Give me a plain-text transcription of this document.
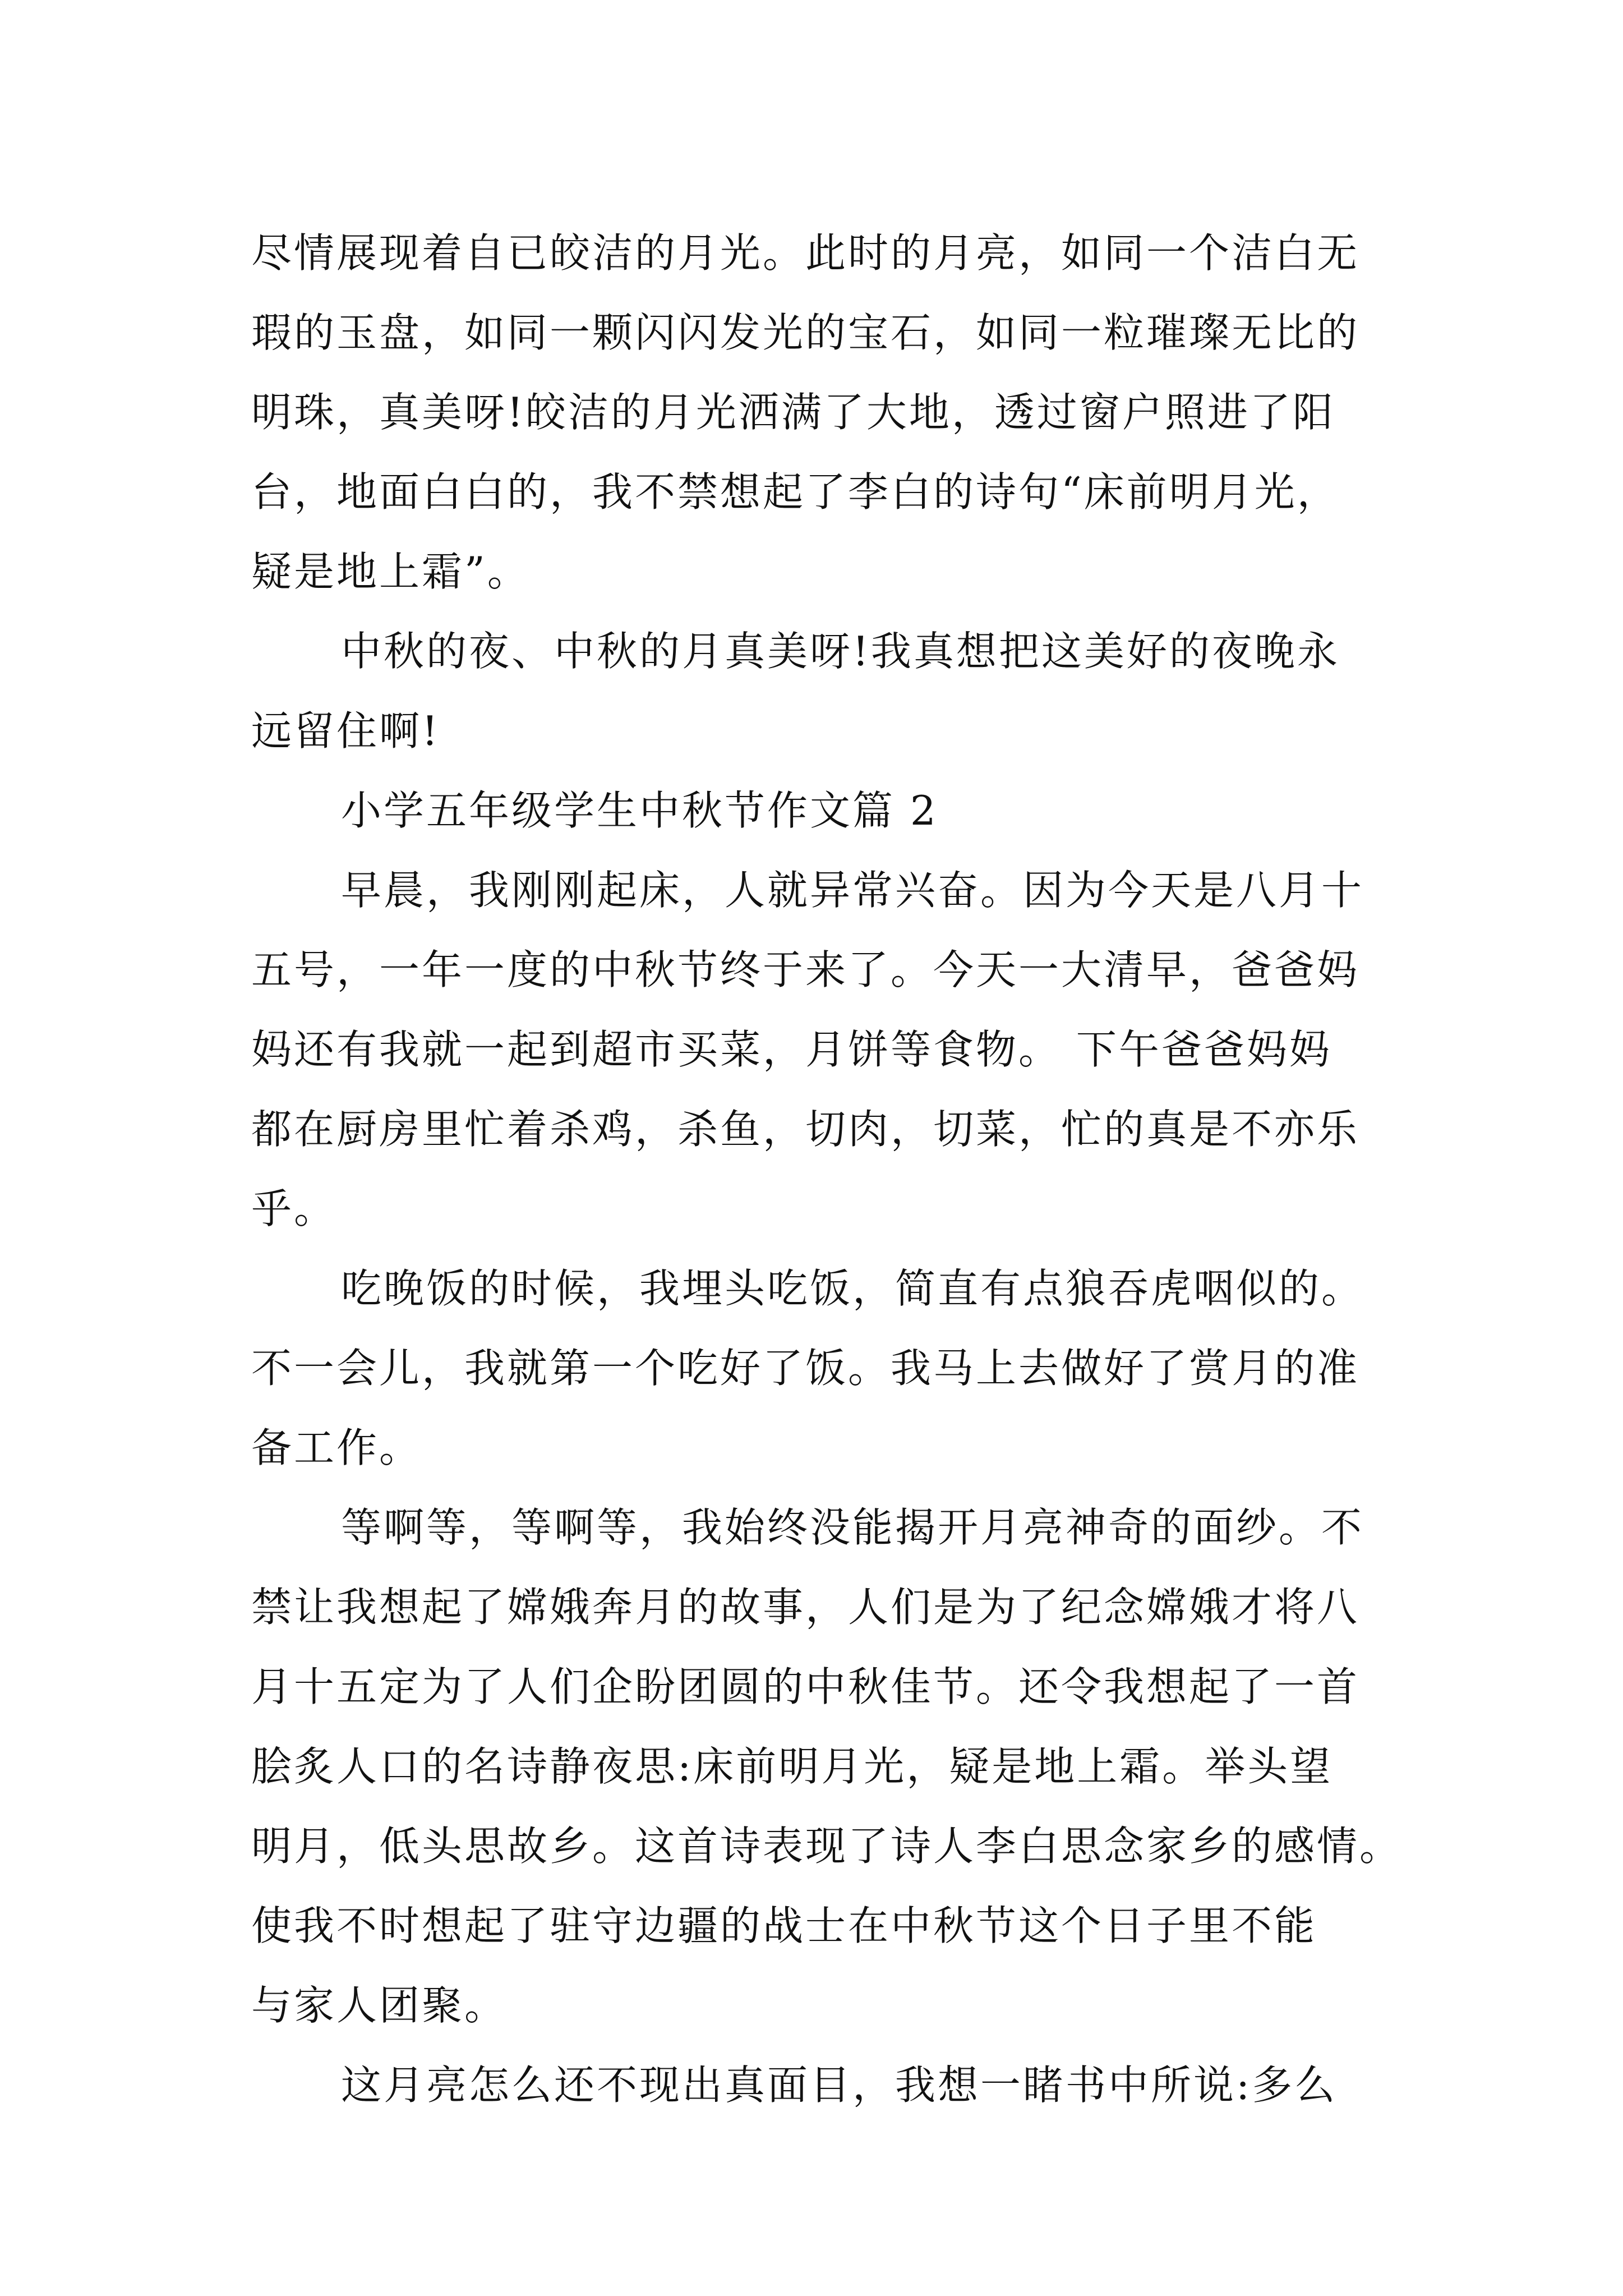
尽情展现着自已皎洁的月光。此时的月亮，如同一个洁白无
瑕的玉盘，如同一颗闪闪发光的宝石，如同一粒璀璨无比的
明珠，真美呀!皎洁的月光洒满了大地，透过窗户照进了阳
台，地面白白的，我不禁想起了李白的诗句“床前明月光，
疑是地上霜”。
中秋的夜、中秋的月真美呀!我真想把这美好的夜晚永
远留住啊!
小学五年级学生中秋节作文篇 2
早晨，我刚刚起床，人就异常兴奋。因为今天是八月十
五号，一年一度的中秋节终于来了。今天一大清早，爸爸妈
妈还有我就一起到超市买菜，月饼等食物。 下午爸爸妈妈
都在厨房里忙着杀鸡，杀鱼，切肉，切菜，忙的真是不亦乐
乎。
吃晚饭的时候，我埋头吃饭，简直有点狼吞虎咽似的。
不一会儿，我就第一个吃好了饭。我马上去做好了赏月的准
备工作。
等啊等，等啊等，我始终没能揭开月亮神奇的面纱。不
禁让我想起了嫦娥奔月的故事，人们是为了纪念嫦娥才将八
月十五定为了人们企盼团圆的中秋佳节。还令我想起了一首
脍炙人口的名诗静夜思:床前明月光，疑是地上霜。举头望
明月，低头思故乡。这首诗表现了诗人李白思念家乡的感情。
使我不时想起了驻守边疆的战士在中秋节这个日子里不能
与家人团聚。
这月亮怎么还不现出真面目，我想一睹书中所说:多么
